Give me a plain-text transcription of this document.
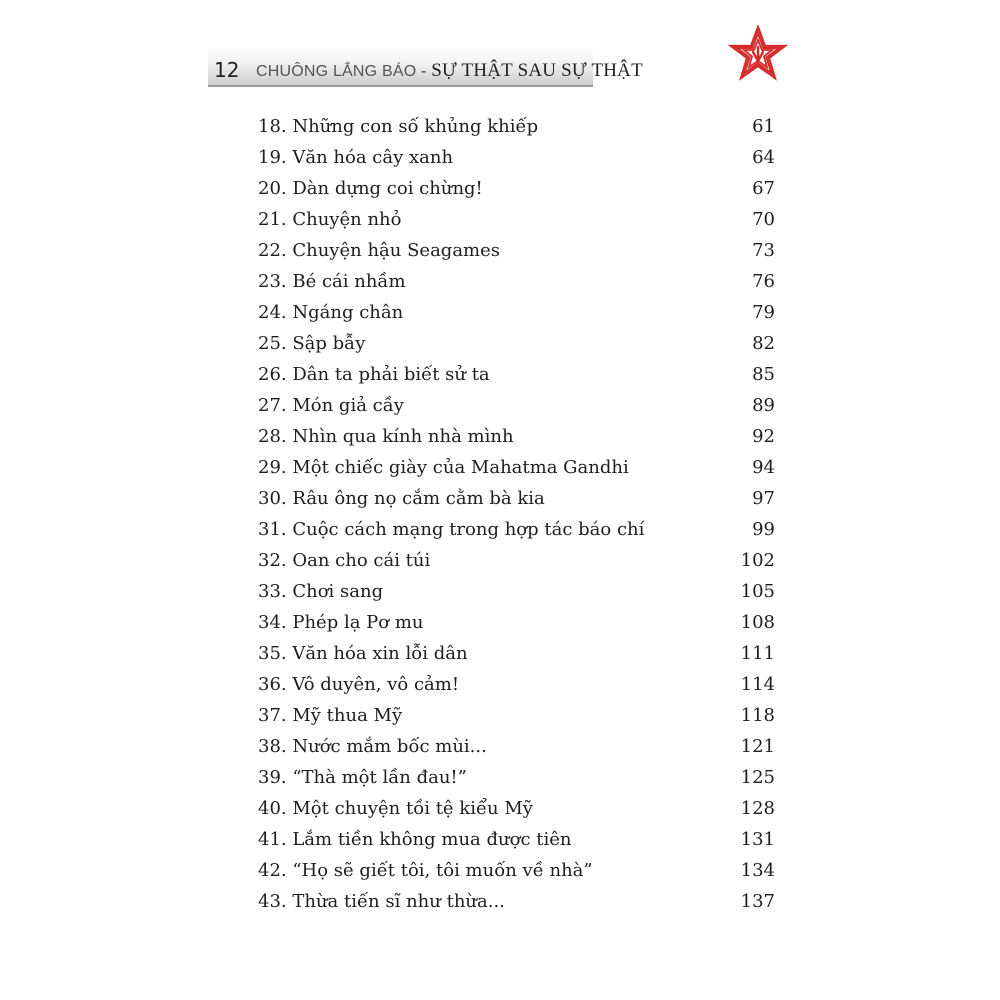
12 CHUÔNG LẮNG BÁO - SỰ THẬT SAU SỰ THẬT
18. Những con số khủng khiếp	61
19. Văn hóa cây xanh	64
20. Dàn dựng coi chừng!	67
21. Chuyện nhỏ	70
22. Chuyện hậu Seagames	73
23. Bé cái nhầm	76
24. Ngáng chân	79
25. Sập bẫy	82
26. Dân ta phải biết sử ta	85
27. Món giả cầy	89
28. Nhìn qua kính nhà mình	92
29. Một chiếc giày của Mahatma Gandhi	94
30. Râu ông nọ cắm cằm bà kia	97
31. Cuộc cách mạng trong hợp tác báo chí	99
32. Oan cho cái túi	102
33. Chơi sang	105
34. Phép lạ Pơ mu	108
35. Văn hóa xin lỗi dân	111
36. Vô duyên, vô cảm!	114
37. Mỹ thua Mỹ	118
38. Nước mắm bốc mùi...	121
39. “Thà một lần đau!”	125
40. Một chuyện tồi tệ kiểu Mỹ	128
41. Lắm tiền không mua được tiên	131
42. “Họ sẽ giết tôi, tôi muốn về nhà”	134
43. Thừa tiến sĩ như thừa...	137
